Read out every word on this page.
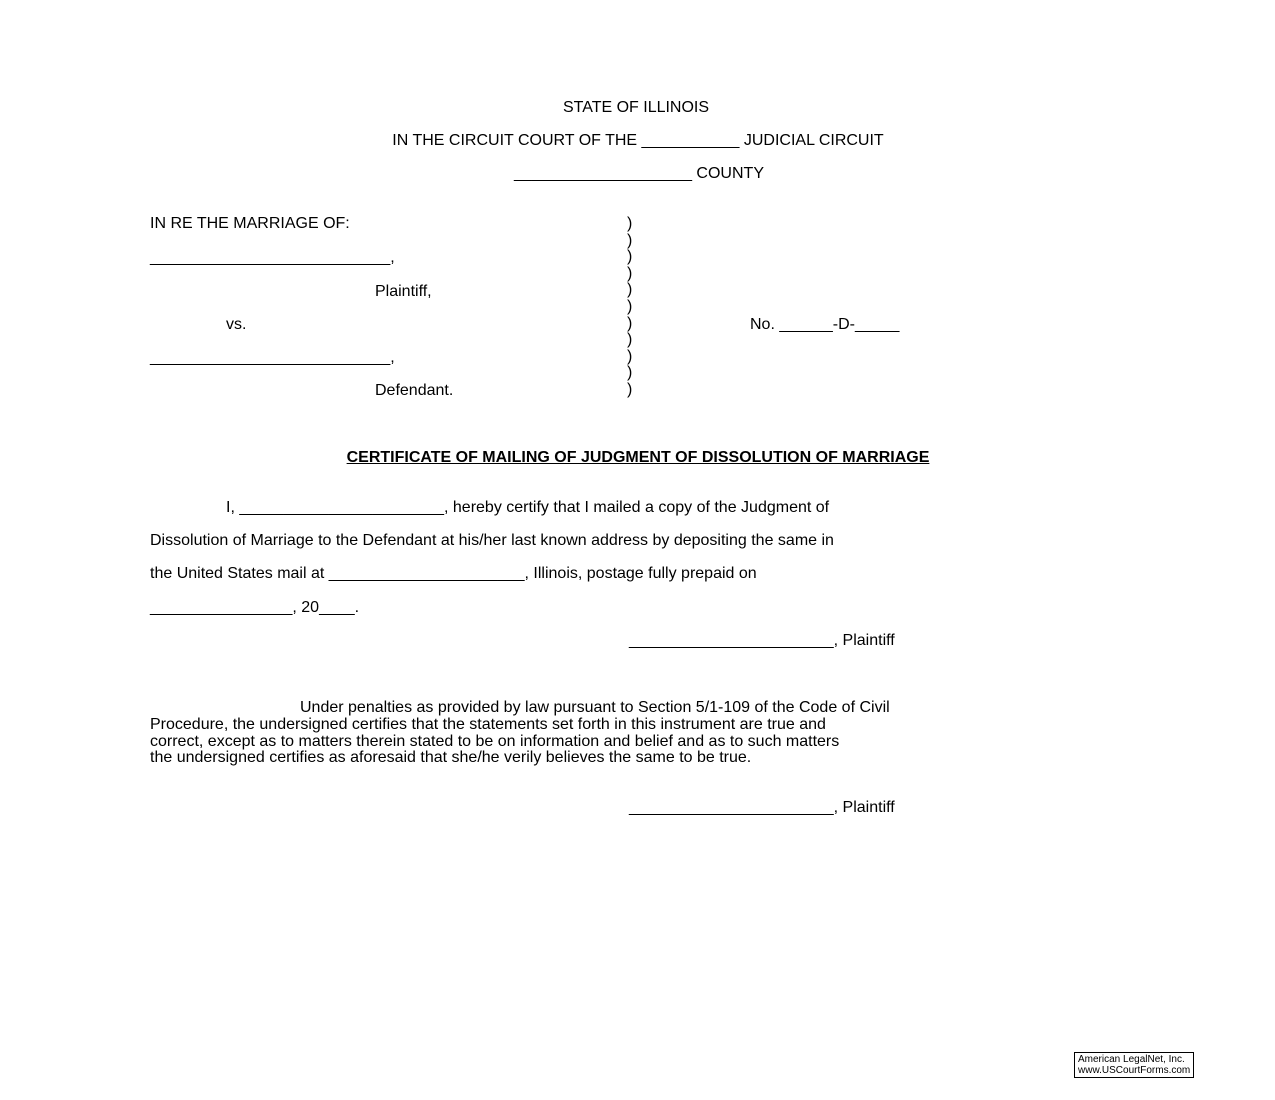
STATE OF ILLINOIS
IN THE CIRCUIT COURT OF THE ___________ JUDICIAL CIRCUIT
____________________ COUNTY
IN RE THE MARRIAGE OF:
___________________________,
Plaintiff,
vs.
___________________________,
Defendant.
)
)
)
)
)
)
)
)
)
)
)
No. ______-D-_____
CERTIFICATE OF MAILING OF JUDGMENT OF DISSOLUTION OF MARRIAGE
I, _______________________, hereby certify that I mailed a copy of the Judgment of
Dissolution of Marriage to the Defendant at his/her last known address by depositing the same in
the United States mail at ______________________, Illinois, postage fully prepaid on
________________, 20____.
_______________________, Plaintiff
Under penalties as provided by law pursuant to Section 5/1-109 of the Code of Civil
Procedure, the undersigned certifies that the statements set forth in this instrument are true and
correct, except as to matters therein stated to be on information and belief and as to such matters
the undersigned certifies as aforesaid that she/he verily believes the same to be true.
_______________________, Plaintiff
American LegalNet, Inc.
www.USCourtForms.com
